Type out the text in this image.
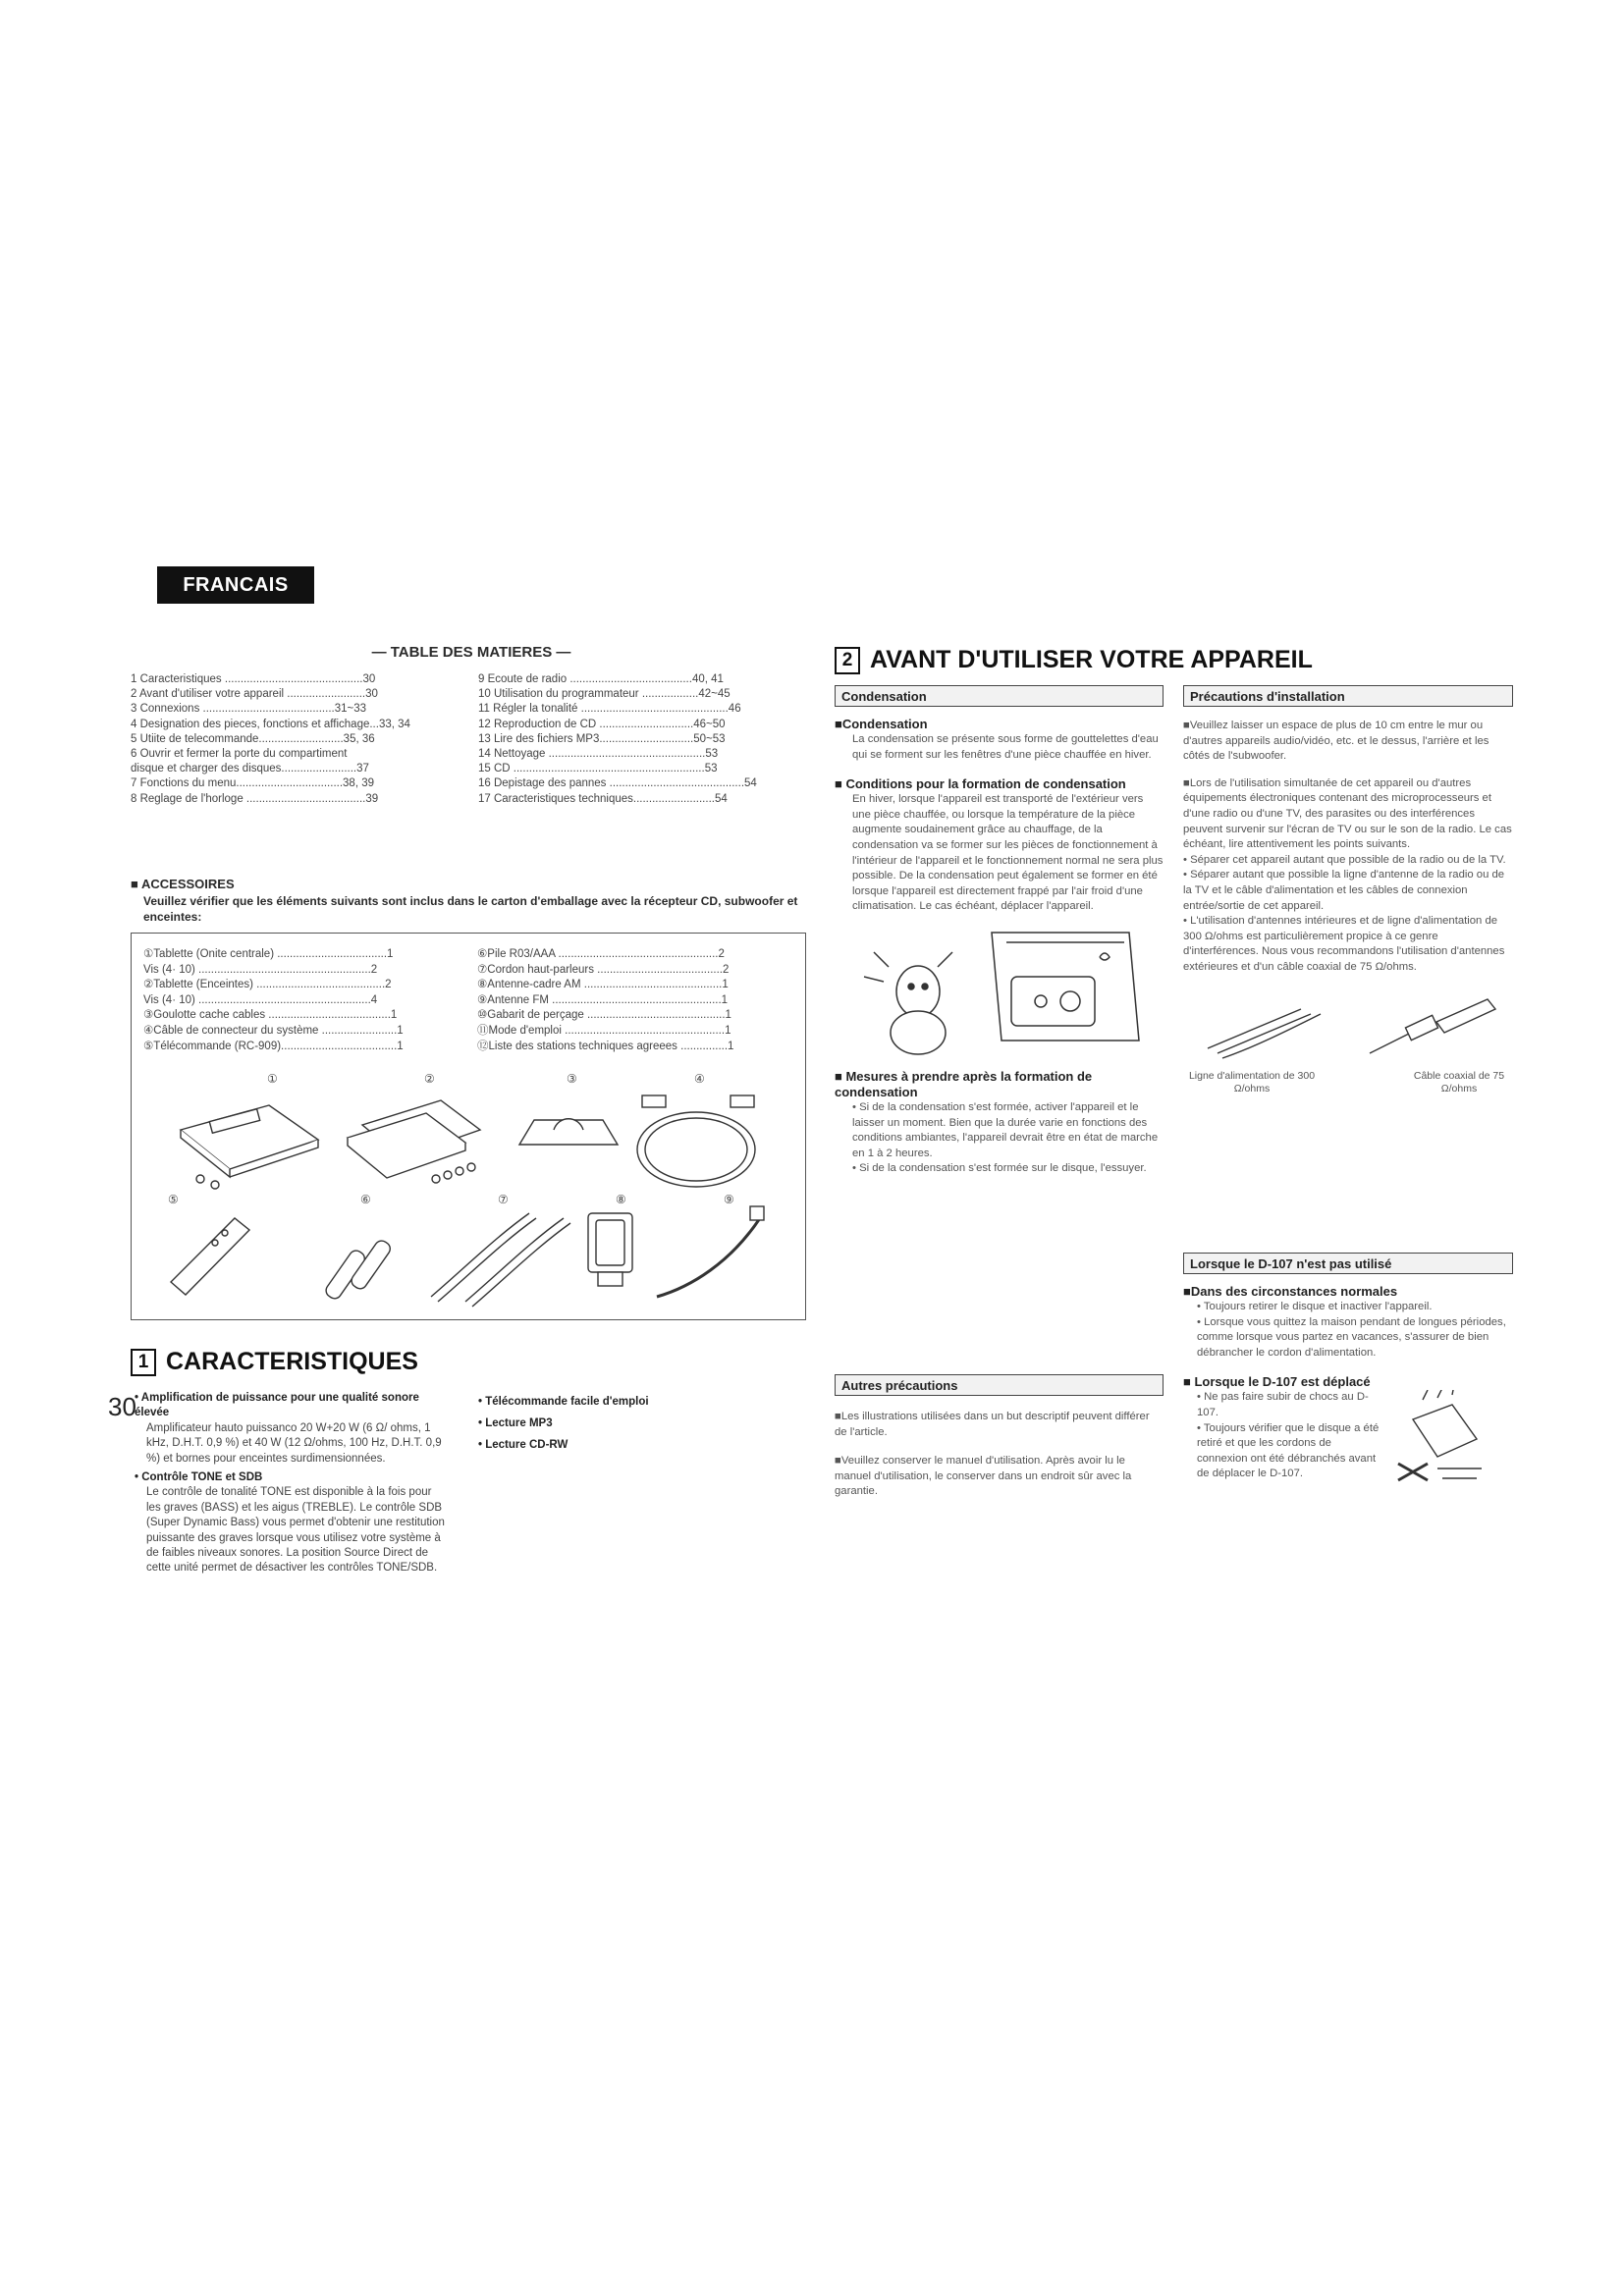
FRANCAIS
— TABLE DES MATIERES —
1 Caracteristiques ............................................30
2 Avant d'utiliser votre appareil .........................30
3 Connexions ..........................................31~33
4 Designation des pieces, fonctions et affichage...33, 34
5 Utiite de telecommande...........................35, 36
6 Ouvrir et fermer la porte du compartiment
disque et charger des disques........................37
7 Fonctions du menu..................................38, 39
8 Reglage de l'horloge ......................................39
9 Ecoute de radio .......................................40, 41
10 Utilisation du programmateur ..................42~45
11 Régler la tonalité ...............................................46
12 Reproduction de CD ..............................46~50
13 Lire des fichiers MP3..............................50~53
14 Nettoyage ..................................................53
15 CD .............................................................53
16 Depistage des pannes ...........................................54
17 Caracteristiques techniques..........................54
■ ACCESSOIRES
Veuillez vérifier que les éléments suivants sont inclus dans le carton d'emballage avec la récepteur CD, subwoofer et enceintes:
①Tablette (Onite centrale) ...................................1
Vis (4· 10) .......................................................2
②Tablette (Enceintes) .........................................2
Vis (4· 10) .......................................................4
③Goulotte cache cables .......................................1
④Câble de connecteur du système ........................1
⑤Télécommande (RC-909).....................................1
⑥Pile R03/AAA ...................................................2
⑦Cordon haut-parleurs ........................................2
⑧Antenne-cadre AM ............................................1
⑨Antenne FM ......................................................1
⑩Gabarit de perçage ............................................1
⑪Mode d'emploi ...................................................1
⑫Liste des stations techniques agreees ...............1
①	②	③	④
⑤	⑥	⑦	⑧	⑨
1 CARACTERISTIQUES
• Amplification de puissance pour une qualité sonore élevée
Amplificateur hauto puissanco 20 W+20 W (6 Ω/ ohms, 1 kHz, D.H.T. 0,9 %) et 40 W (12 Ω/ohms, 100 Hz, D.H.T. 0,9 %) et bornes pour enceintes surdimensionnées.
• Contrôle TONE et SDB
Le contrôle de tonalité TONE est disponible à la fois pour les graves (BASS) et les aigus (TREBLE). Le contrôle SDB (Super Dynamic Bass) vous permet d'obtenir une restitution puissante des graves lorsque vous utilisez votre système à de faibles niveaux sonores. La position Source Direct de cette unité permet de désactiver les contrôles TONE/SDB.
• Télécommande facile d'emploi
• Lecture MP3
• Lecture CD-RW
30
2 AVANT D'UTILISER VOTRE APPAREIL
Condensation
■Condensation
La condensation se présente sous forme de gouttelettes d'eau qui se forment sur les fenêtres d'une pièce chauffée en hiver.
■ Conditions pour la formation de condensation
En hiver, lorsque l'appareil est transporté de l'extérieur vers une pièce chauffée, ou lorsque la température de la pièce augmente soudainement grâce au chauffage, de la condensation va se former sur les pièces de fonctionnement à l'intérieur de l'appareil et le fonctionnement normal ne sera plus possible. De la condensation peut également se former en été lorsque l'appareil est directement frappé par l'air froid d'une climatisation. Le cas échéant, déplacer l'appareil.
■ Mesures à prendre après la formation de condensation
• Si de la condensation s'est formée, activer l'appareil et le laisser un moment. Bien que la durée varie en fonctions des conditions ambiantes, l'appareil devrait être en état de marche en 1 à 2 heures.
• Si de la condensation s'est formée sur le disque, l'essuyer.
Autres précautions
■Les illustrations utilisées dans un but descriptif peuvent différer de l'article.
■Veuillez conserver le manuel d'utilisation. Après avoir lu le manuel d'utilisation, le conserver dans un endroit sûr avec la garantie.
Précautions d'installation
■Veuillez laisser un espace de plus de 10 cm entre le mur ou d'autres appareils audio/vidéo, etc. et le dessus, l'arrière et les côtés de l'subwoofer.
■Lors de l'utilisation simultanée de cet appareil ou d'autres équipements électroniques contenant des microprocesseurs et d'une radio ou d'une TV, des parasites ou des interférences peuvent survenir sur l'écran de TV ou sur le son de la radio. Le cas échéant, lire attentivement les points suivants.
• Séparer cet appareil autant que possible de la radio ou de la TV.
• Séparer autant que possible la ligne d'antenne de la radio ou de la TV et le câble d'alimentation et les câbles de connexion entrée/sortie de cet appareil.
• L'utilisation d'antennes intérieures et de ligne d'alimentation de 300 Ω/ohms est particulièrement propice à ce genre d'interférences. Nous vous recommandons l'utilisation d'antennes extérieures et d'un câble coaxial de 75 Ω/ohms.
Ligne d'alimentation de 300 Ω/ohms
Câble coaxial de 75 Ω/ohms
Lorsque le D-107 n'est pas utilisé
■Dans des circonstances normales
• Toujours retirer le disque et inactiver l'appareil.
• Lorsque vous quittez la maison pendant de longues périodes, comme lorsque vous partez en vacances, s'assurer de bien débrancher le cordon d'alimentation.
■ Lorsque le D-107 est déplacé
• Ne pas faire subir de chocs au D-107.
• Toujours vérifier que le disque a été retiré et que les cordons de connexion ont été débranchés avant de déplacer le D-107.
